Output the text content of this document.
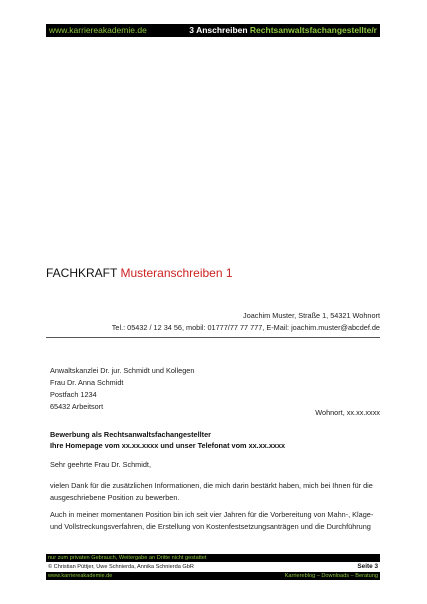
www.karriereakademie.de	3 Anschreiben Rechtsanwaltsfachangestellte/r
FACHKRAFT Musteranschreiben 1
Joachim Muster, Straße 1, 54321 Wohnort
Tel.: 05432 / 12 34 56, mobil: 01777/77 77 777, E-Mail: joachim.muster@abcdef.de
Anwaltskanzlei Dr. jur. Schmidt und Kollegen
Frau Dr. Anna Schmidt
Postfach 1234
65432 Arbeitsort
Wohnort, xx.xx.xxxx
Bewerbung als Rechtsanwaltsfachangestellter
Ihre Homepage vom xx.xx.xxxx und unser Telefonat vom xx.xx.xxxx
Sehr geehrte Frau Dr. Schmidt,

vielen Dank für die zusätzlichen Informationen, die mich darin bestärkt haben, mich bei Ihnen für die ausgeschriebene Position zu bewerben.

Auch in meiner momentanen Position bin ich seit vier Jahren für die Vorbereitung von Mahn-, Klage- und Vollstreckungsverfahren, die Erstellung von Kostenfestsetzungsanträgen und die Durchführung

nur zum privaten Gebrauch, Weitergabe an Dritte nicht gestattet
© Christian Püttjer, Uwe Schnierda, Annika Schnierda GbR	Seite 3
www.karriereakademie.de	Karriereblog – Downloads – Beratung
